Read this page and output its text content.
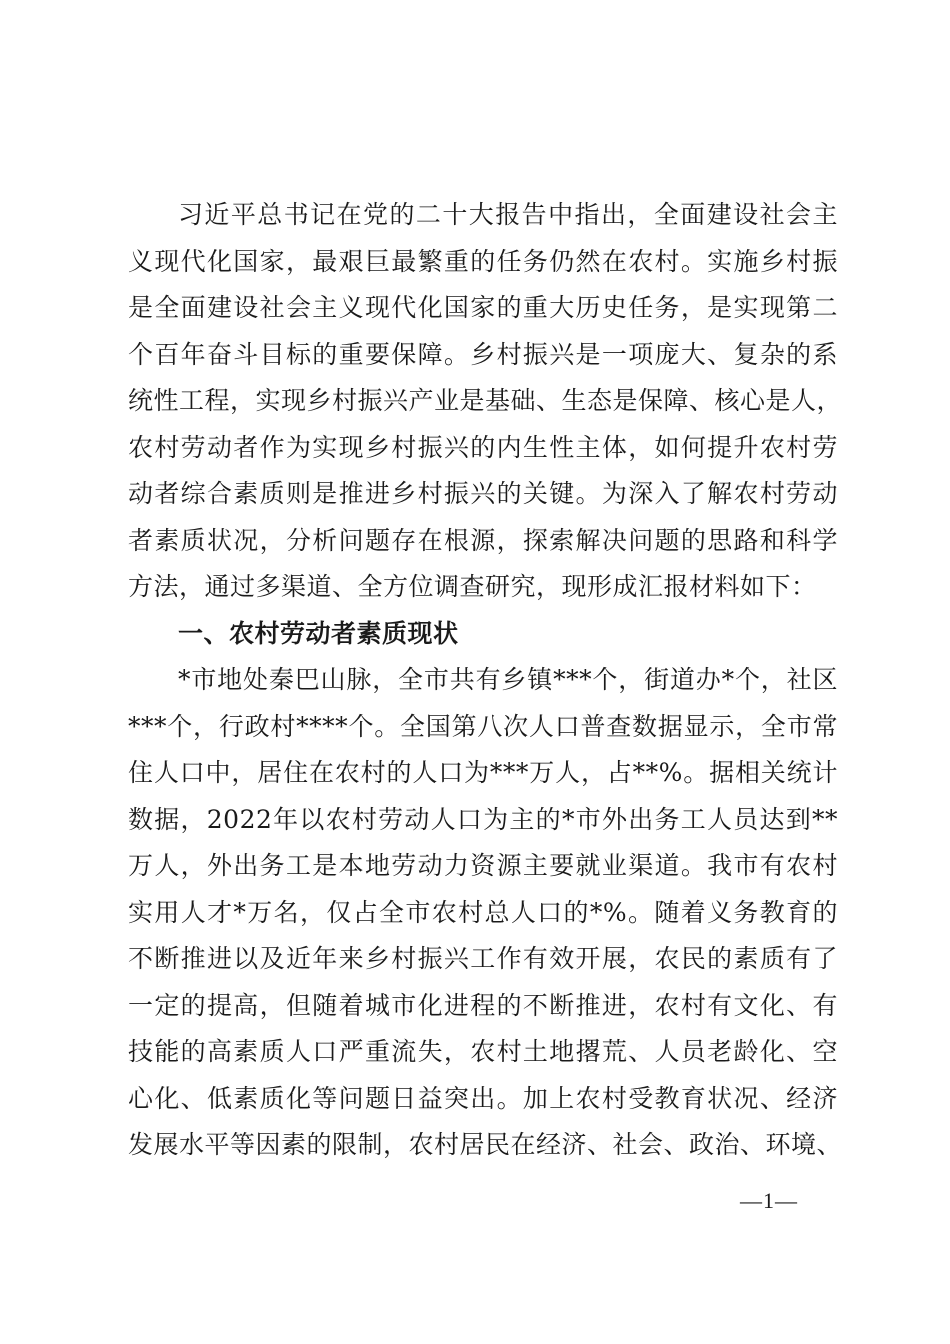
习近平总书记在党的二十大报告中指出，全面建设社会主
义现代化国家，最艰巨最繁重的任务仍然在农村。实施乡村振
是全面建设社会主义现代化国家的重大历史任务，是实现第二
个百年奋斗目标的重要保障。乡村振兴是一项庞大、复杂的系
统性工程，实现乡村振兴产业是基础、生态是保障、核心是人，
农村劳动者作为实现乡村振兴的内生性主体，如何提升农村劳
动者综合素质则是推进乡村振兴的关键。为深入了解农村劳动
者素质状况，分析问题存在根源，探索解决问题的思路和科学
方法，通过多渠道、全方位调查研究，现形成汇报材料如下：
一、农村劳动者素质现状
*市地处秦巴山脉，全市共有乡镇***个，街道办*个，社区
***个，行政村****个。全国第八次人口普查数据显示，全市常
住人口中，居住在农村的人口为***万人，占**%。据相关统计
数据，2022年以农村劳动人口为主的*市外出务工人员达到**
万人，外出务工是本地劳动力资源主要就业渠道。我市有农村
实用人才*万名，仅占全市农村总人口的*%。随着义务教育的
不断推进以及近年来乡村振兴工作有效开展，农民的素质有了
一定的提高，但随着城市化进程的不断推进，农村有文化、有
技能的高素质人口严重流失，农村土地撂荒、人员老龄化、空
心化、低素质化等问题日益突出。加上农村受教育状况、经济
发展水平等因素的限制，农村居民在经济、社会、政治、环境、
—1—
